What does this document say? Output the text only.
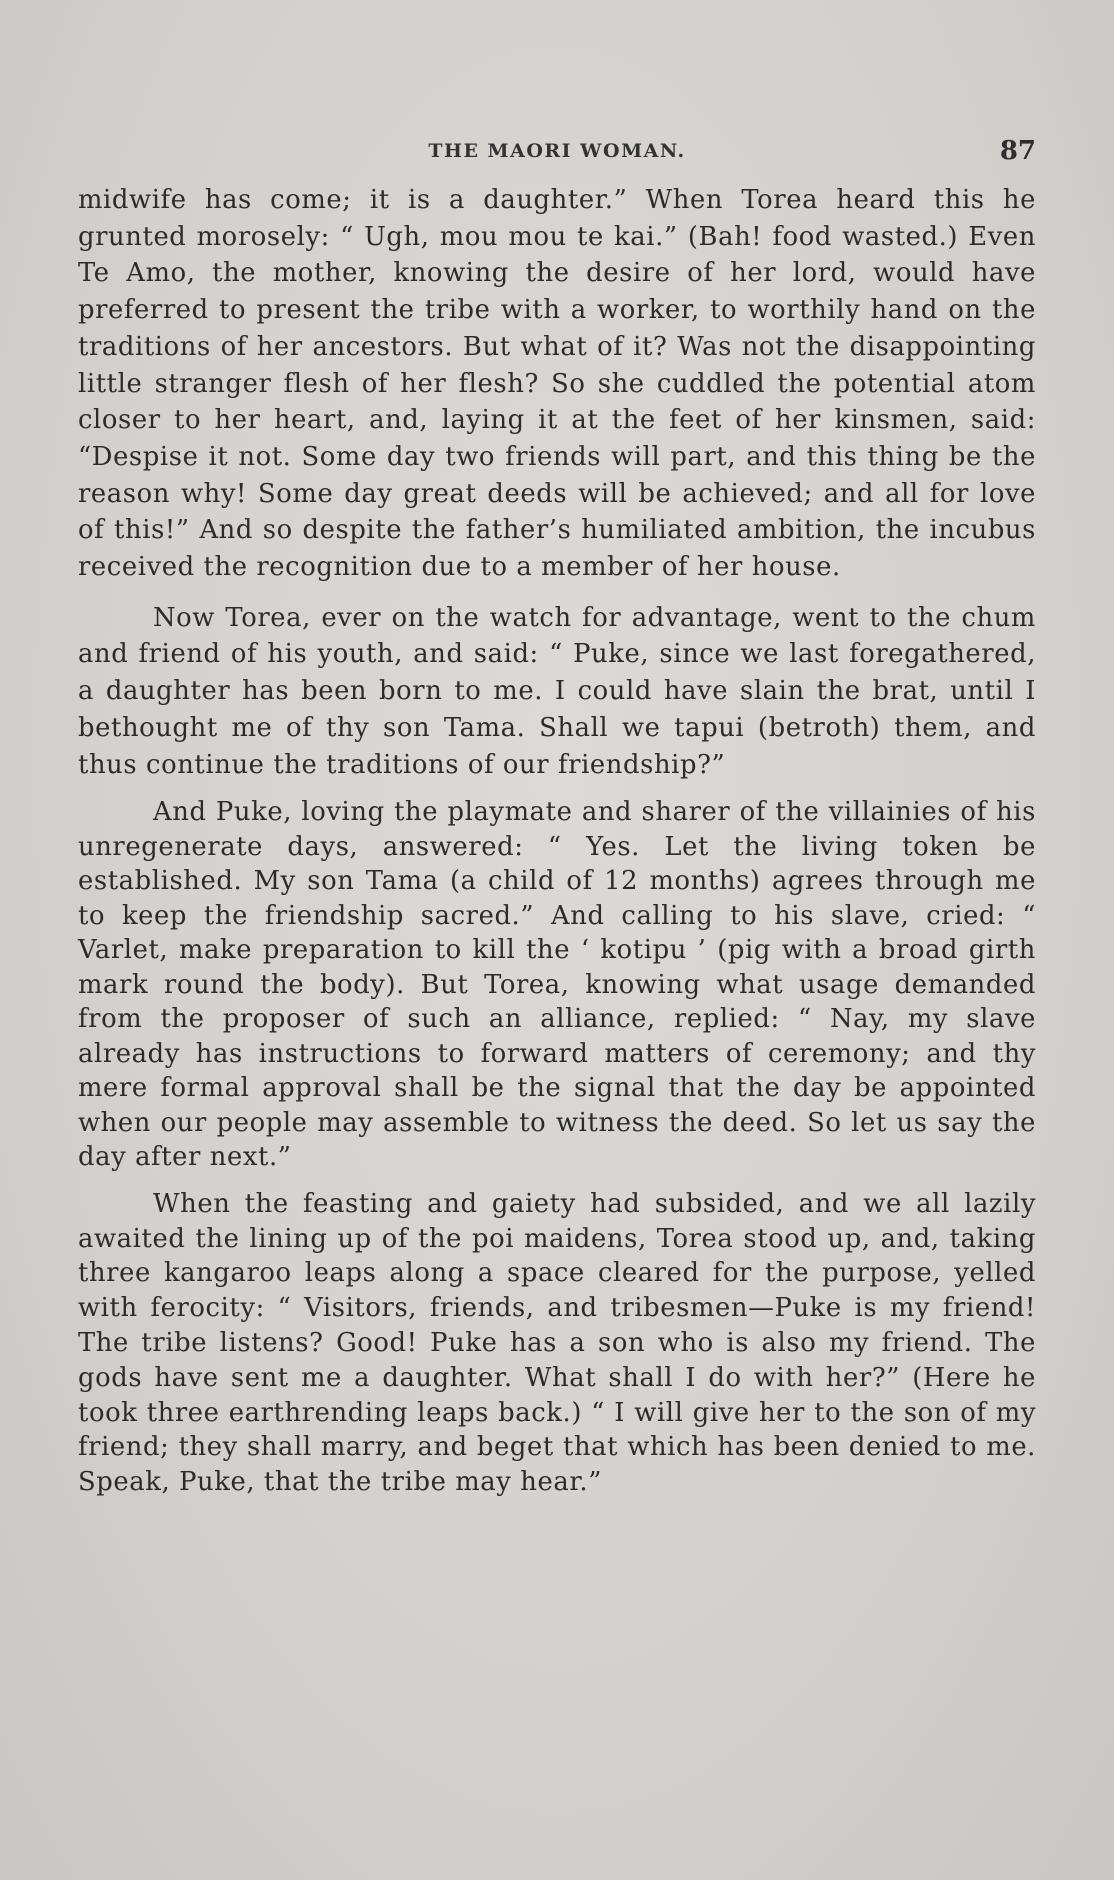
THE MAORI WOMAN.	87

midwife has come; it is a daughter.” When Torea heard this he grunted morosely: “ Ugh, mou mou te kai.” (Bah! food wasted.) Even Te Amo, the mother, knowing the desire of her lord, would have preferred to present the tribe with a worker, to worthily hand on the traditions of her ancestors. But what of it? Was not the disappointing little stranger flesh of her flesh? So she cuddled the potential atom closer to her heart, and, laying it at the feet of her kinsmen, said: “Despise it not. Some day two friends will part, and this thing be the reason why! Some day great deeds will be achieved; and all for love of this!” And so despite the father’s humiliated ambition, the incubus received the recognition due to a member of her house.

Now Torea, ever on the watch for advantage, went to the chum and friend of his youth, and said: “ Puke, since we last foregathered, a daughter has been born to me. I could have slain the brat, until I bethought me of thy son Tama. Shall we tapui (betroth) them, and thus continue the traditions of our friendship?”

And Puke, loving the playmate and sharer of the villainies of his unregenerate days, answered: “ Yes. Let the living token be established. My son Tama (a child of 12 months) agrees through me to keep the friendship sacred.” And calling to his slave, cried: “ Varlet, make preparation to kill the ‘ kotipu ’ (pig with a broad girth mark round the body). But Torea, knowing what usage demanded from the proposer of such an alliance, replied: “ Nay, my slave already has instructions to forward matters of ceremony; and thy mere formal approval shall be the signal that the day be appointed when our people may assemble to witness the deed. So let us say the day after next.”

When the feasting and gaiety had subsided, and we all lazily awaited the lining up of the poi maidens, Torea stood up, and, taking three kangaroo leaps along a space cleared for the purpose, yelled with ferocity: “ Visitors, friends, and tribesmen—Puke is my friend! The tribe listens? Good! Puke has a son who is also my friend. The gods have sent me a daughter. What shall I do with her?” (Here he took three earthrending leaps back.) “ I will give her to the son of my friend; they shall marry, and beget that which has been denied to me. Speak, Puke, that the tribe may hear.”
